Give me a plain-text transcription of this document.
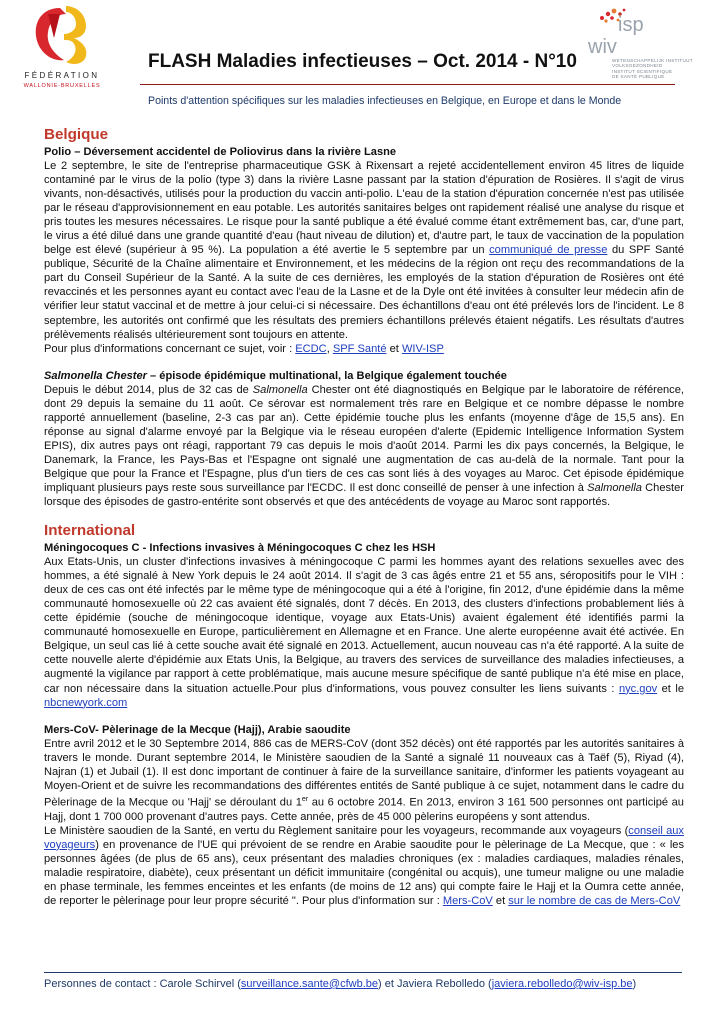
FÉDÉRATION
WALLONIE-BRUXELLES
isp
wiv
WETENSCHAPPELIJK INSTITUUT
VOLKSGEZONDHEID
INSTITUT SCIENTIFIQUE
DE SANTÉ PUBLIQUE
FLASH Maladies infectieuses – Oct. 2014 - N°10
Points d'attention spécifiques sur les maladies infectieuses en Belgique, en Europe et dans le Monde
Belgique
Polio – Déversement accidentel de Poliovirus dans la rivière Lasne

Le 2 septembre, le site de l'entreprise pharmaceutique GSK à Rixensart a rejeté accidentellement environ 45 litres de liquide contaminé par le virus de la polio (type 3) dans la rivière Lasne passant par la station d'épuration de Rosières. Il s'agit de virus vivants, non-désactivés, utilisés pour la production du vaccin anti-polio. L'eau de la station d'épuration concernée n'est pas utilisée par le réseau d'approvisionnement en eau potable. Les autorités sanitaires belges ont rapidement réalisé une analyse du risque et pris toutes les mesures nécessaires. Le risque pour la santé publique a été évalué comme étant extrêmement bas, car, d'une part, le virus a été dilué dans une grande quantité d'eau (haut niveau de dilution) et, d'autre part, le taux de vaccination de la population belge est élevé (supérieur à 95 %). La population a été avertie le 5 septembre par un communiqué de presse du SPF Santé publique, Sécurité de la Chaîne alimentaire et Environnement, et les médecins de la région ont reçu des recommandations de la part du Conseil Supérieur de la Santé. A la suite de ces dernières, les employés de la station d'épuration de Rosières ont été revaccinés et les personnes ayant eu contact avec l'eau de la Lasne et de la Dyle ont été invitées à consulter leur médecin afin de vérifier leur statut vaccinal et de mettre à jour celui-ci si nécessaire. Des échantillons d'eau ont été prélevés lors de l'incident. Le 8 septembre, les autorités ont confirmé que les résultats des premiers échantillons prélevés étaient négatifs. Les résultats d'autres prélèvements réalisés ultérieurement sont toujours en attente.

Pour plus d'informations concernant ce sujet, voir : ECDC, SPF Santé et WIV-ISP

Salmonella Chester – épisode épidémique multinational, la Belgique également touchée

Depuis le début 2014, plus de 32 cas de Salmonella Chester ont été diagnostiqués en Belgique par le laboratoire de référence, dont 29 depuis la semaine du 11 août. Ce sérovar est normalement très rare en Belgique et ce nombre dépasse le nombre rapporté annuellement (baseline, 2-3 cas par an). Cette épidémie touche plus les enfants (moyenne d'âge de 15,5 ans). En réponse au signal d'alarme envoyé par la Belgique via le réseau européen d'alerte (Epidemic Intelligence Information System EPIS), dix autres pays ont réagi, rapportant 79 cas depuis le mois d'août 2014. Parmi les dix pays concernés, la Belgique, le Danemark, la France, les Pays-Bas et l'Espagne ont signalé une augmentation de cas au-delà de la normale. Tant pour la Belgique que pour la France et l'Espagne, plus d'un tiers de ces cas sont liés à des voyages au Maroc. Cet épisode épidémique impliquant plusieurs pays reste sous surveillance par l'ECDC. Il est donc conseillé de penser à une infection à Salmonella Chester lorsque des épisodes de gastro-entérite sont observés et que des antécédents de voyage au Maroc sont rapportés.

International
Méningocoques C - Infections invasives à Méningocoques C chez les HSH

Aux Etats-Unis, un cluster d'infections invasives à méningocoque C parmi les hommes ayant des relations sexuelles avec des hommes, a été signalé à New York depuis le 24 août 2014. Il s'agit de 3 cas âgés entre 21 et 55 ans, séropositifs pour le VIH : deux de ces cas ont été infectés par le même type de méningocoque qui a été à l'origine, fin 2012, d'une épidémie dans la même communauté homosexuelle où 22 cas avaient été signalés, dont 7 décès. En 2013, des clusters d'infections probablement liés à cette épidémie (souche de méningocoque identique, voyage aux Etats-Unis) avaient également été identifiés parmi la communauté homosexuelle en Europe, particulièrement en Allemagne et en France. Une alerte européenne avait été activée. En Belgique, un seul cas lié à cette souche avait été signalé en 2013. Actuellement, aucun nouveau cas n'a été rapporté. A la suite de cette nouvelle alerte d'épidémie aux Etats Unis, la Belgique, au travers des services de surveillance des maladies infectieuses, a augmenté la vigilance par rapport à cette problématique, mais aucune mesure spécifique de santé publique n'a été mise en place, car non nécessaire dans la situation actuelle.Pour plus d'informations, vous pouvez consulter les liens suivants : nyc.gov et le nbcnewyork.com

Mers-CoV- Pèlerinage de la Mecque (Hajj), Arabie saoudite

Entre avril 2012 et le 30 Septembre 2014, 886 cas de MERS-CoV (dont 352 décès) ont été rapportés par les autorités sanitaires à travers le monde. Durant septembre 2014, le Ministère saoudien de la Santé a signalé 11 nouveaux cas à Taëf (5), Riyad (4), Najran (1) et Jubail (1). Il est donc important de continuer à faire de la surveillance sanitaire, d'informer les patients voyageant au Moyen-Orient et de suivre les recommandations des différentes entités de Santé publique à ce sujet, notamment dans le cadre du Pèlerinage de la Mecque ou 'Hajj' se déroulant du 1er au 6 octobre 2014. En 2013, environ 3 161 500 personnes ont participé au Hajj, dont 1 700 000 provenant d'autres pays. Cette année, près de 45 000 pèlerins européens y sont attendus.

Le Ministère saoudien de la Santé, en vertu du Règlement sanitaire pour les voyageurs, recommande aux voyageurs (conseil aux voyageurs) en provenance de l'UE qui prévoient de se rendre en Arabie saoudite pour le pèlerinage de La Mecque, que : « les personnes âgées (de plus de 65 ans), ceux présentant des maladies chroniques (ex : maladies cardiaques, maladies rénales, maladie respiratoire, diabète), ceux présentant un déficit immunitaire (congénital ou acquis), une tumeur maligne ou une maladie en phase terminale, les femmes enceintes et les enfants (de moins de 12 ans) qui compte faire le Hajj et la Oumra cette année, de reporter le pèlerinage pour leur propre sécurité ". Pour plus d'information sur : Mers-CoV et sur le nombre de cas de Mers-CoV

Personnes de contact : Carole Schirvel (surveillance.sante@cfwb.be) et Javiera Rebolledo (javiera.rebolledo@wiv-isp.be)
